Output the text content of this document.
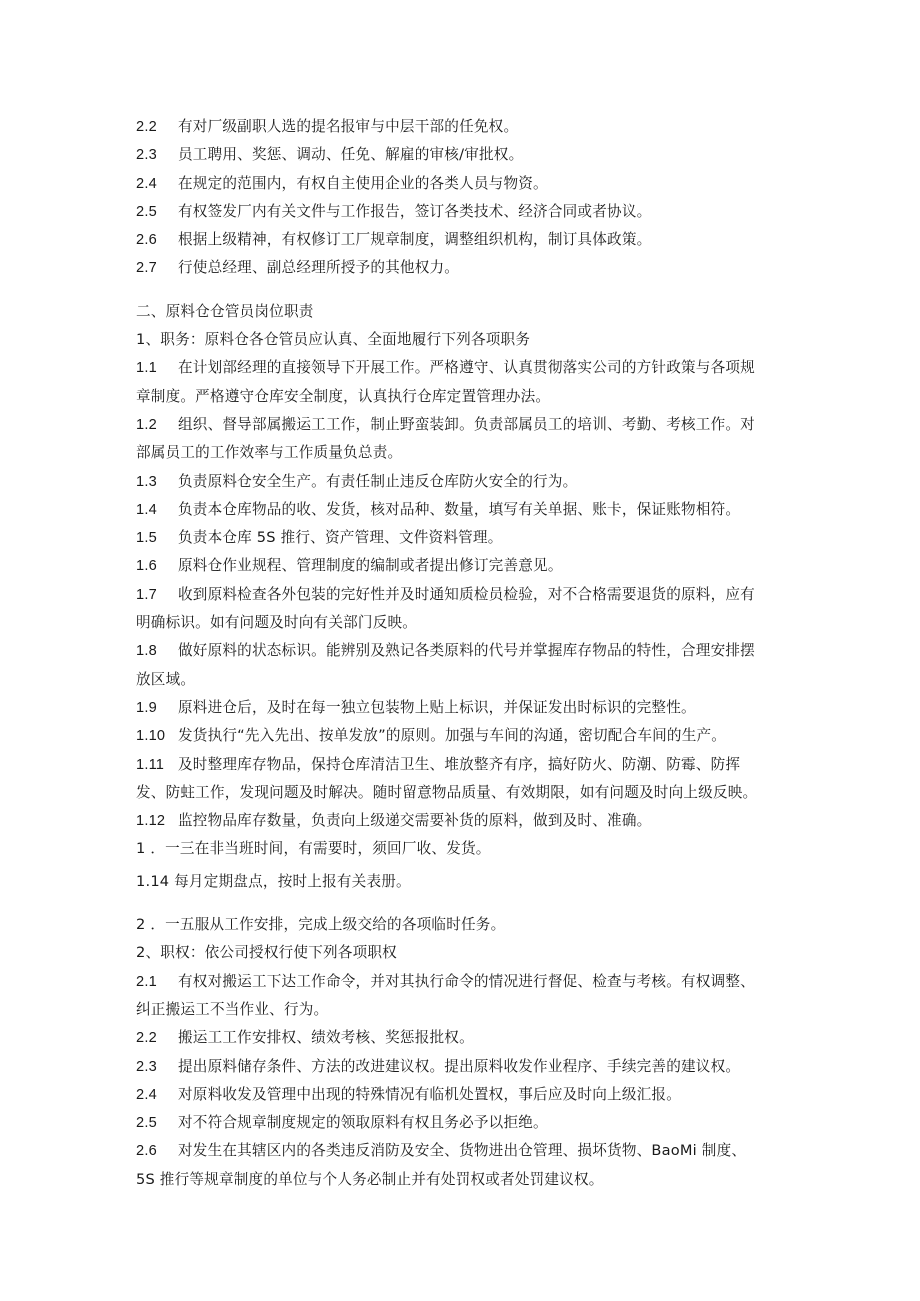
2.2 有对厂级副职人选的提名报审与中层干部的任免权。
2.3 员工聘用、奖惩、调动、任免、解雇的审核/审批权。
2.4 在规定的范围内，有权自主使用企业的各类人员与物资。
2.5 有权签发厂内有关文件与工作报告，签订各类技术、经济合同或者协议。
2.6 根据上级精神，有权修订工厂规章制度，调整组织机构，制订具体政策。
2.7 行使总经理、副总经理所授予的其他权力。
二、原料仓仓管员岗位职责
1、职务：原料仓各仓管员应认真、全面地履行下列各项职务
1.1 在计划部经理的直接领导下开展工作。严格遵守、认真贯彻落实公司的方针政策与各项规
章制度。严格遵守仓库安全制度，认真执行仓库定置管理办法。
1.2 组织、督导部属搬运工工作，制止野蛮装卸。负责部属员工的培训、考勤、考核工作。对
部属员工的工作效率与工作质量负总责。
1.3 负责原料仓安全生产。有责任制止违反仓库防火安全的行为。
1.4 负责本仓库物品的收、发货，核对品种、数量，填写有关单据、账卡，保证账物相符。
1.5 负责本仓库 5S 推行、资产管理、文件资料管理。
1.6 原料仓作业规程、管理制度的编制或者提出修订完善意见。
1.7 收到原料检查各外包装的完好性并及时通知质检员检验，对不合格需要退货的原料，应有
明确标识。如有问题及时向有关部门反映。
1.8 做好原料的状态标识。能辨别及熟记各类原料的代号并掌握库存物品的特性，合理安排摆
放区域。
1.9 原料进仓后，及时在每一独立包装物上贴上标识，并保证发出时标识的完整性。
1.10 发货执行“先入先出、按单发放”的原则。加强与车间的沟通，密切配合车间的生产。
1.11 及时整理库存物品，保持仓库清洁卫生、堆放整齐有序，搞好防火、防潮、防霉、防挥
发、防蛀工作，发现问题及时解决。随时留意物品质量、有效期限，如有问题及时向上级反映。
1.12 监控物品库存数量，负责向上级递交需要补货的原料，做到及时、准确。
1 ．一三在非当班时间，有需要时，须回厂收、发货。
1.14 每月定期盘点，按时上报有关表册。
2 ．一五服从工作安排，完成上级交给的各项临时任务。
2、职权：依公司授权行使下列各项职权
2.1 有权对搬运工下达工作命令，并对其执行命令的情况进行督促、检查与考核。有权调整、
纠正搬运工不当作业、行为。
2.2 搬运工工作安排权、绩效考核、奖惩报批权。
2.3 提出原料储存条件、方法的改进建议权。提出原料收发作业程序、手续完善的建议权。
2.4 对原料收发及管理中出现的特殊情况有临机处置权，事后应及时向上级汇报。
2.5 对不符合规章制度规定的领取原料有权且务必予以拒绝。
2.6 对发生在其辖区内的各类违反消防及安全、货物进出仓管理、损坏货物、BaoMi 制度、
5S 推行等规章制度的单位与个人务必制止并有处罚权或者处罚建议权。
